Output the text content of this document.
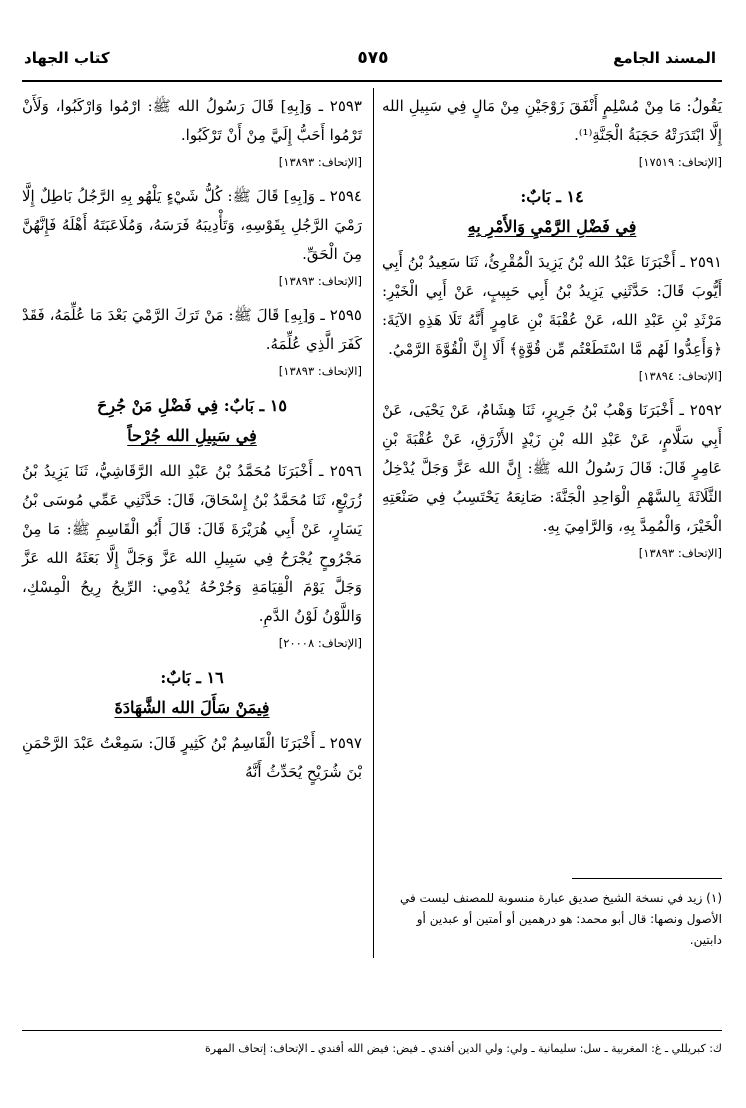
المسند الجامع
٥٧٥
كتاب الجهاد

يَقُولُ: مَا مِنْ مُسْلِمٍ أَنْفَقَ زَوْجَيْنِ مِنْ مَالٍ فِي سَبِيلِ الله إِلَّا ابْتَدَرَتْهُ حَجَبَةُ الْجَنَّةِ⁽¹⁾.

[الإتحاف: ١٧٥١٩]

١٤ ـ بَابٌ:
فِي فَضْلِ الرَّمْيِ وَالأَمْرِ بِهِ

٢٥٩١ ـ أَخْبَرَنَا عَبْدُ الله بْنُ يَزِيدَ الْمُقْرِئُ، ثَنَا سَعِيدُ بْنُ أَبِي أَيُّوبَ قَالَ: حَدَّثَنِي يَزِيدُ بْنُ أَبِي حَبِيبٍ، عَنْ أَبِي الْخَيْرِ: مَرْثَدِ بْنِ عَبْدِ الله، عَنْ عُقْبَةَ بْنِ عَامِرٍ أَنَّهُ تَلَا هَذِهِ الآيَةَ: ﴿وَأَعِدُّوا لَهُم مَّا اسْتَطَعْتُم مِّن قُوَّةٍ﴾ أَلَا إِنَّ الْقُوَّةَ الرَّمْيُ.

[الإتحاف: ١٣٨٩٤]

٢٥٩٢ ـ أَخْبَرَنَا وَهْبُ بْنُ جَرِيرٍ، ثَنَا هِشَامٌ، عَنْ يَحْيَى، عَنْ أَبِي سَلَّامٍ، عَنْ عَبْدِ الله بْنِ زَيْدٍ الأَزْرَقِ، عَنْ عُقْبَةَ بْنِ عَامِرٍ قَالَ: قَالَ رَسُولُ الله ﷺ: إِنَّ الله عَزَّ وَجَلَّ يُدْخِلُ الثَّلَاثَةَ بِالسَّهْمِ الْوَاحِدِ الْجَنَّةَ: صَانِعَهُ يَحْتَسِبُ فِي صَنْعَتِهِ الْخَيْرَ، وَالْمُمِدَّ بِهِ، وَالرَّامِيَ بِهِ.

[الإتحاف: ١٣٨٩٣]

٢٥٩٣ ـ وَ[بِهِ] قَالَ رَسُولُ الله ﷺ: ارْمُوا وَارْكَبُوا، وَلَأَنْ تَرْمُوا أَحَبُّ إِلَيَّ مِنْ أَنْ تَرْكَبُوا.

[الإتحاف: ١٣٨٩٣]

٢٥٩٤ ـ وَ[بِهِ] قَالَ ﷺ: كُلُّ شَيْءٍ يَلْهُو بِهِ الرَّجُلُ بَاطِلٌ إِلَّا رَمْيَ الرَّجُلِ بِقَوْسِهِ، وَتَأْدِيبَهُ فَرَسَهُ، وَمُلَاعَبَتَهُ أَهْلَهُ فَإِنَّهُنَّ مِنَ الْحَقِّ.

[الإتحاف: ١٣٨٩٣]

٢٥٩٥ ـ وَ[بِهِ] قَالَ ﷺ: مَنْ تَرَكَ الرَّمْيَ بَعْدَ مَا عُلِّمَهُ، فَقَدْ كَفَرَ الَّذِي عُلِّمَهُ.

[الإتحاف: ١٣٨٩٣]

١٥ ـ بَابٌ: فِي فَضْلِ مَنْ جُرِحَ
فِي سَبِيلِ الله جُرْحاً

٢٥٩٦ ـ أَخْبَرَنَا مُحَمَّدُ بْنُ عَبْدِ الله الرَّقَاشِيُّ، ثَنَا يَزِيدُ بْنُ زُرَيْعٍ، ثَنَا مُحَمَّدُ بْنُ إِسْحَاقَ، قَالَ: حَدَّثَنِي عَمِّي مُوسَى بْنُ يَسَارٍ، عَنْ أَبِي هُرَيْرَةَ قَالَ: قَالَ أَبُو الْقَاسِمِ ﷺ: مَا مِنْ مَجْرُوحٍ يُجْرَحُ فِي سَبِيلِ الله عَزَّ وَجَلَّ إِلَّا بَعَثَهُ الله عَزَّ وَجَلَّ يَوْمَ الْقِيَامَةِ وَجُرْحُهُ يُدْمِي: الرِّيحُ رِيحُ الْمِسْكِ، وَاللَّوْنُ لَوْنُ الدَّمِ.

[الإتحاف: ٢٠٠٠٨]

١٦ ـ بَابٌ:
فِيمَنْ سَأَلَ الله الشَّهَادَةَ

٢٥٩٧ ـ أَخْبَرَنَا الْقَاسِمُ بْنُ كَثِيرٍ قَالَ: سَمِعْتُ عَبْدَ الرَّحْمَنِ بْنَ شُرَيْحٍ يُحَدِّثُ أَنَّهُ

(١) زيد في نسخة الشيخ صديق عبارة منسوبة للمصنف ليست في الأصول ونصها: قال أبو محمد: هو درهمين أو أمتين أو عبدين أو دابتين.

ك: كبريللي ـ غ: المغربية ـ سل: سليمانية ـ ولي: ولي الدين أفندي ـ فيض: فيض الله أفندي ـ الإتحاف: إتحاف المهرة
